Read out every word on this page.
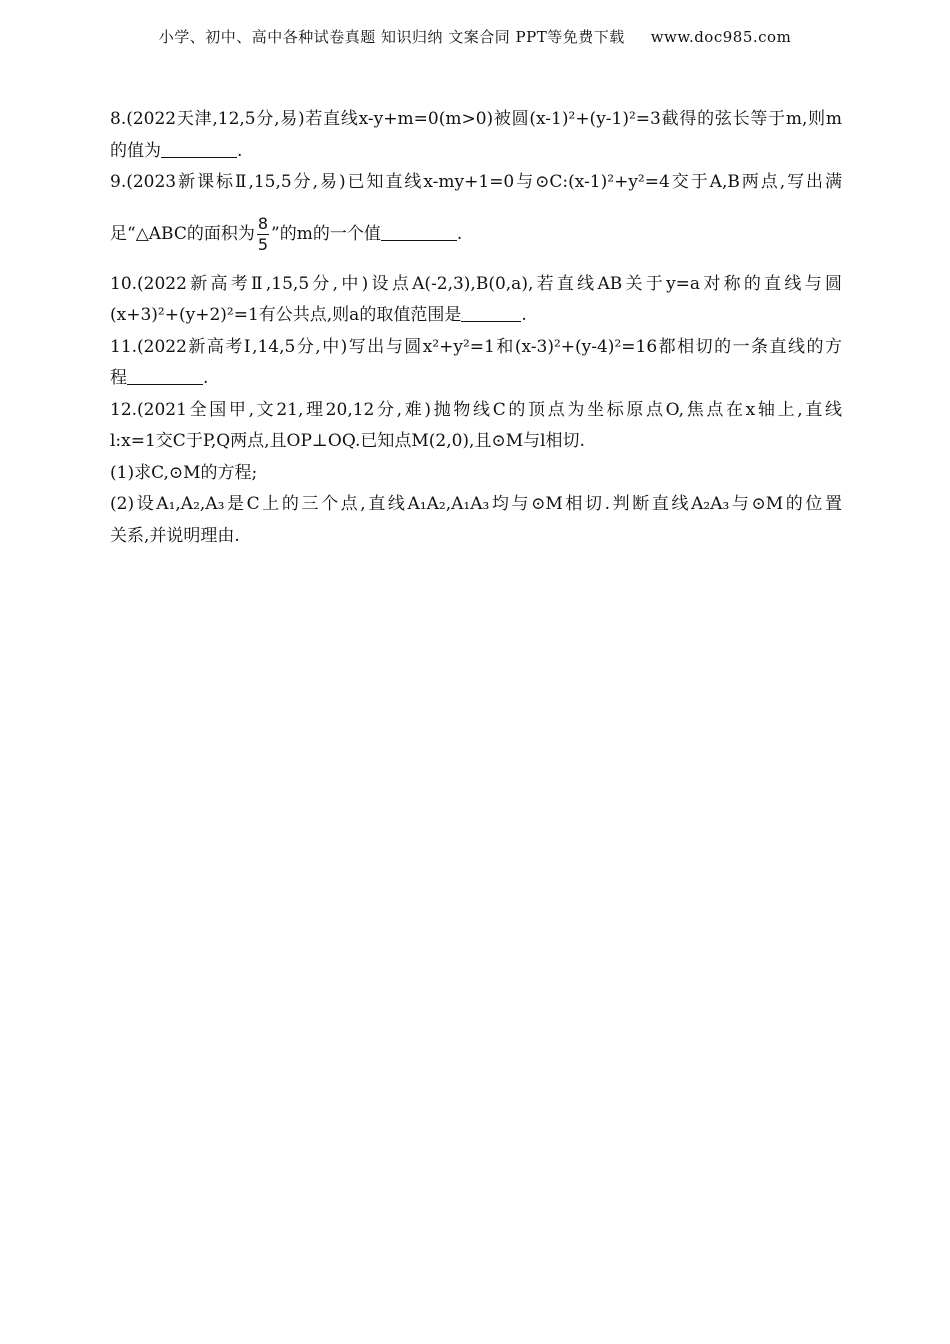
小学、初中、高中各种试卷真题 知识归纳 文案合同 PPT等免费下载 www.doc985.com
8.(2022天津,12,5分,易)若直线x-y+m=0(m>0)被圆(x-1)²+(y-1)²=3截得的弦长等于m,则m
的值为	.
9.(2023新课标Ⅱ,15,5分,易)已知直线x-my+1=0与⊙C:(x-1)²+y²=4交于A,B两点,写出满
足“△ABC的面积为 $\frac{8}{5}$ ”的m的一个值	.
10.(2022新高考Ⅱ,15,5分,中)设点A(-2,3),B(0,a),若直线AB关于y=a对称的直线与圆
(x+3)²+(y+2)²=1有公共点,则a的取值范围是	.
11.(2022新高考Ⅰ,14,5分,中)写出与圆x²+y²=1和(x-3)²+(y-4)²=16都相切的一条直线的方
程	.
12.(2021全国甲,文21,理20,12分,难)抛物线C的顶点为坐标原点O,焦点在x轴上,直线
l:x=1交C于P,Q两点,且OP⊥OQ.已知点M(2,0),且⊙M与l相切.
(1)求C,⊙M的方程;
(2)设A₁,A₂,A₃是C上的三个点,直线A₁A₂,A₁A₃均与⊙M相切.判断直线A₂A₃与⊙M的位置
关系,并说明理由.
